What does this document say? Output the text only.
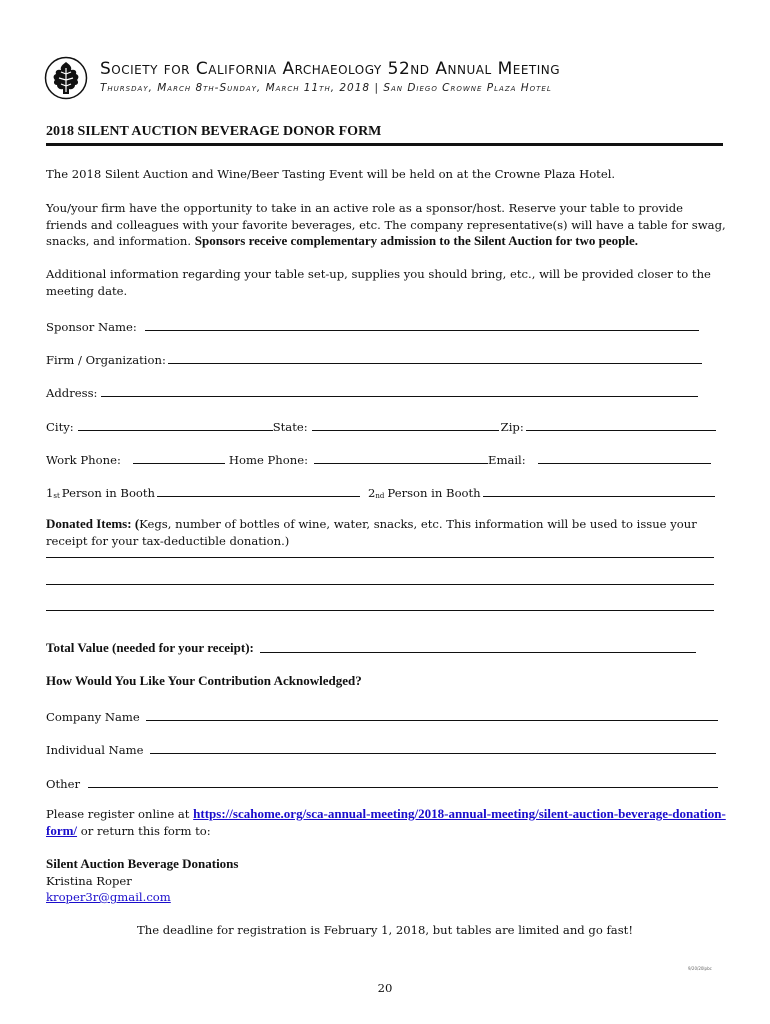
Society for California Archaeology 52nd Annual Meeting
Thursday, March 8th-Sunday, March 11th, 2018 | San Diego Crowne Plaza Hotel
2018 SILENT AUCTION BEVERAGE DONOR FORM
The 2018 Silent Auction and Wine/Beer Tasting Event will be held on at the Crowne Plaza Hotel.
You/your firm have the opportunity to take in an active role as a sponsor/host. Reserve your table to provide friends and colleagues with your favorite beverages, etc. The company representative(s) will have a table for swag, snacks, and information. Sponsors receive complementary admission to the Silent Auction for two people.
Additional information regarding your table set-up, supplies you should bring, etc., will be provided closer to the meeting date.
Sponsor Name:
Firm / Organization:
Address:
City:	State:	Zip:
Work Phone:	Home Phone:	Email:
$1_{st}$ Person in Booth	$2_{nd}$ Person in Booth
Donated Items: (Kegs, number of bottles of wine, water, snacks, etc. This information will be used to issue your receipt for your tax-deductible donation.)
Total Value (needed for your receipt):
How Would You Like Your Contribution Acknowledged?
Company Name
Individual Name
Other
Please register online at https://scahome.org/sca-annual-meeting/2018-annual-meeting/silent-auction-beverage-donation-form/ or return this form to:
Silent Auction Beverage Donations
Kristina Roper
kroper3r@gmail.com
The deadline for registration is February 1, 2018, but tables are limited and go fast!
9/20/20lpbc
20
